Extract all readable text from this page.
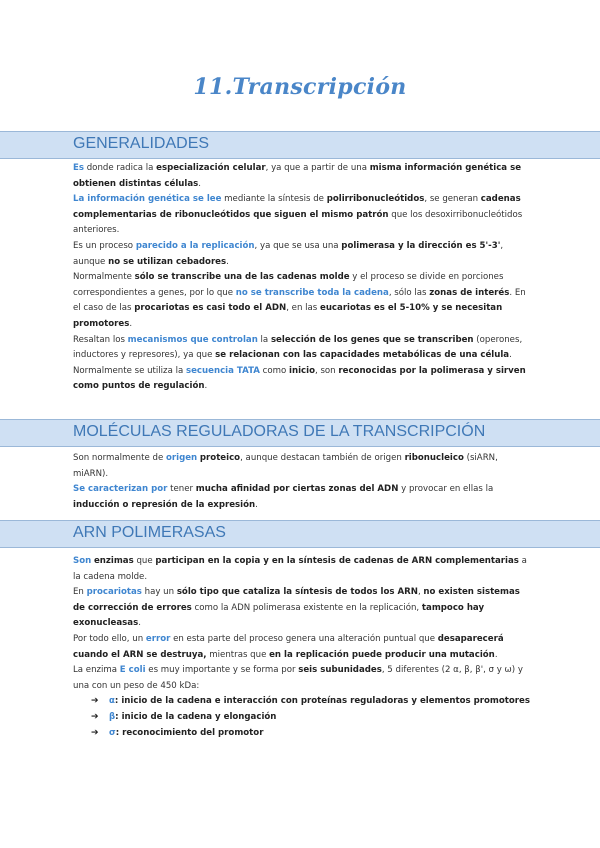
11.Transcripción
GENERALIDADES

Es donde radica la especialización celular, ya que a partir de una misma información genética se obtienen distintas células.

La información genética se lee mediante la síntesis de polirribonucleótidos, se generan cadenas complementarias de ribonucleótidos que siguen el mismo patrón que los desoxirribonucleótidos anteriores.

Es un proceso parecido a la replicación, ya que se usa una polimerasa y la dirección es 5'-3', aunque no se utilizan cebadores.

Normalmente sólo se transcribe una de las cadenas molde y el proceso se divide en porciones correspondientes a genes, por lo que no se transcribe toda la cadena, sólo las zonas de interés. En el caso de las procariotas es casi todo el ADN, en las eucariotas es el 5-10% y se necesitan promotores.

Resaltan los mecanismos que controlan la selección de los genes que se transcriben (operones, inductores y represores), ya que se relacionan con las capacidades metabólicas de una célula.

Normalmente se utiliza la secuencia TATA como inicio, son reconocidas por la polimerasa y sirven como puntos de regulación.

MOLÉCULAS REGULADORAS DE LA TRANSCRIPCIÓN

Son normalmente de origen proteico, aunque destacan también de origen ribonucleico (siARN, miARN).

Se caracterizan por tener mucha afinidad por ciertas zonas del ADN y provocar en ellas la inducción o represión de la expresión.

ARN POLIMERASAS

Son enzimas que participan en la copia y en la síntesis de cadenas de ARN complementarias a la cadena molde.

En procariotas hay un sólo tipo que cataliza la síntesis de todos los ARN, no existen sistemas de corrección de errores como la ADN polimerasa existente en la replicación, tampoco hay exonucleasas.

Por todo ello, un error en esta parte del proceso genera una alteración puntual que desaparecerá cuando el ARN se destruya, mientras que en la replicación puede producir una mutación.

La enzima E coli es muy importante y se forma por seis subunidades, 5 diferentes (2 α, β, β', σ y ω) y una con un peso de 450 kDa:

➔ α: inicio de la cadena e interacción con proteínas reguladoras y elementos promotores
➔ β: inicio de la cadena y elongación
➔ σ: reconocimiento del promotor
